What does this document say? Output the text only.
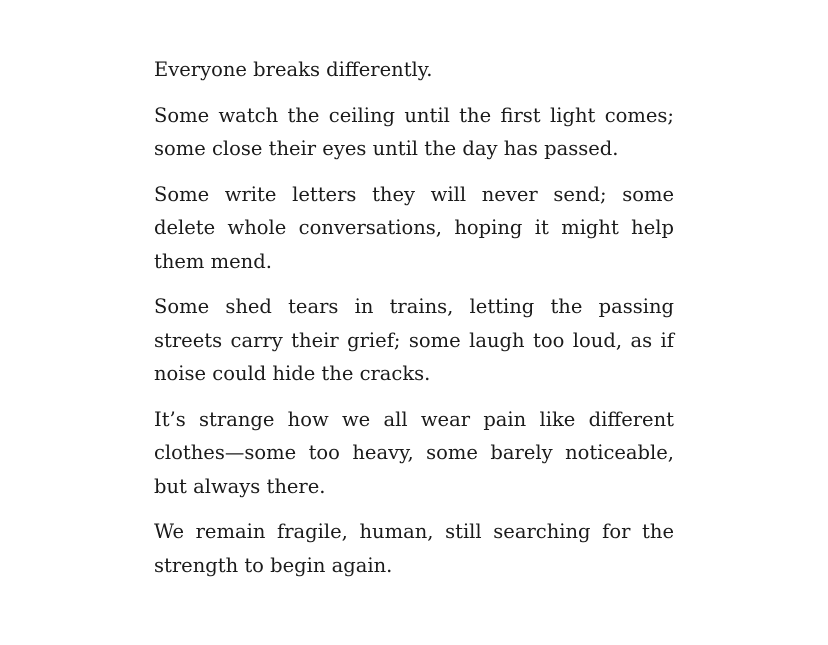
Everyone breaks differently.

Some watch the ceiling until the first light comes; some close their eyes until the day has passed.

Some write letters they will never send; some delete whole conversations, hoping it might help them mend.

Some shed tears in trains, letting the passing streets carry their grief; some laugh too loud, as if noise could hide the cracks.

It’s strange how we all wear pain like different clothes—some too heavy, some barely noticeable, but always there.

We remain fragile, human, still searching for the strength to begin again.
